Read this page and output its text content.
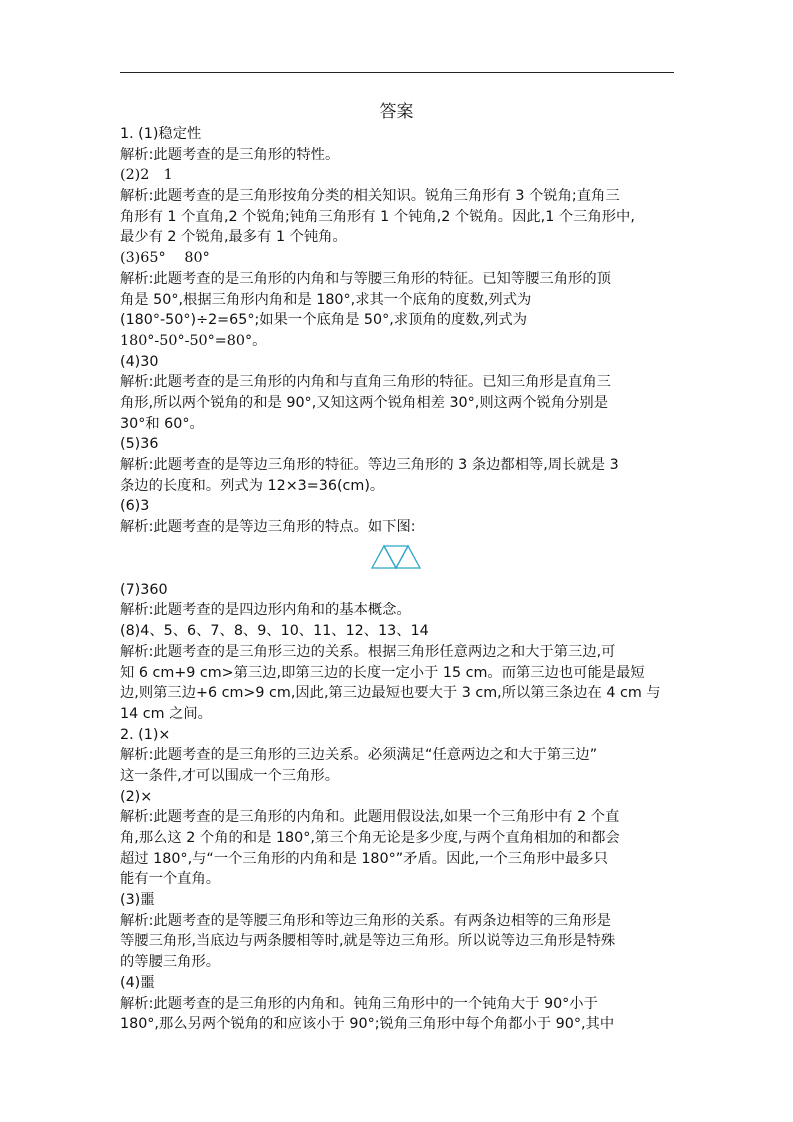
答案
1. (1)稳定性
解析:此题考查的是三角形的特性。
(2)2　1
解析:此题考查的是三角形按角分类的相关知识。锐角三角形有 3 个锐角;直角三
角形有 1 个直角,2 个锐角;钝角三角形有 1 个钝角,2 个锐角。因此,1 个三角形中,
最少有 2 个锐角,最多有 1 个钝角。
(3)65°　 80°
解析:此题考查的是三角形的内角和与等腰三角形的特征。已知等腰三角形的顶
角是 50°,根据三角形内角和是 180°,求其一个底角的度数,列式为
(180°-50°)÷2=65°;如果一个底角是 50°,求顶角的度数,列式为
180°-50°-50°=80°。
(4)30
解析:此题考查的是三角形的内角和与直角三角形的特征。已知三角形是直角三
角形,所以两个锐角的和是 90°,又知这两个锐角相差 30°,则这两个锐角分别是
30°和 60°。
(5)36
解析:此题考查的是等边三角形的特征。等边三角形的 3 条边都相等,周长就是 3
条边的长度和。列式为 12×3=36(cm)。
(6)3
解析:此题考查的是等边三角形的特点。如下图:
(7)360
解析:此题考查的是四边形内角和的基本概念。
(8)4、5、6、7、8、9、10、11、12、13、14
解析:此题考查的是三角形三边的关系。根据三角形任意两边之和大于第三边,可
知 6 cm+9 cm>第三边,即第三边的长度一定小于 15 cm。而第三边也可能是最短
边,则第三边+6 cm>9 cm,因此,第三边最短也要大于 3 cm,所以第三条边在 4 cm 与
14 cm 之间。
2. (1)×
解析:此题考查的是三角形的三边关系。必须满足“任意两边之和大于第三边”
这一条件,才可以围成一个三角形。
(2)×
解析:此题考查的是三角形的内角和。此题用假设法,如果一个三角形中有 2 个直
角,那么这 2 个角的和是 180°,第三个角无论是多少度,与两个直角相加的和都会
超过 180°,与“一个三角形的内角和是 180°”矛盾。因此,一个三角形中最多只
能有一个直角。
(3)噩
解析:此题考查的是等腰三角形和等边三角形的关系。有两条边相等的三角形是
等腰三角形,当底边与两条腰相等时,就是等边三角形。所以说等边三角形是特殊
的等腰三角形。
(4)噩
解析:此题考查的是三角形的内角和。钝角三角形中的一个钝角大于 90°小于
180°,那么另两个锐角的和应该小于 90°;锐角三角形中每个角都小于 90°,其中
